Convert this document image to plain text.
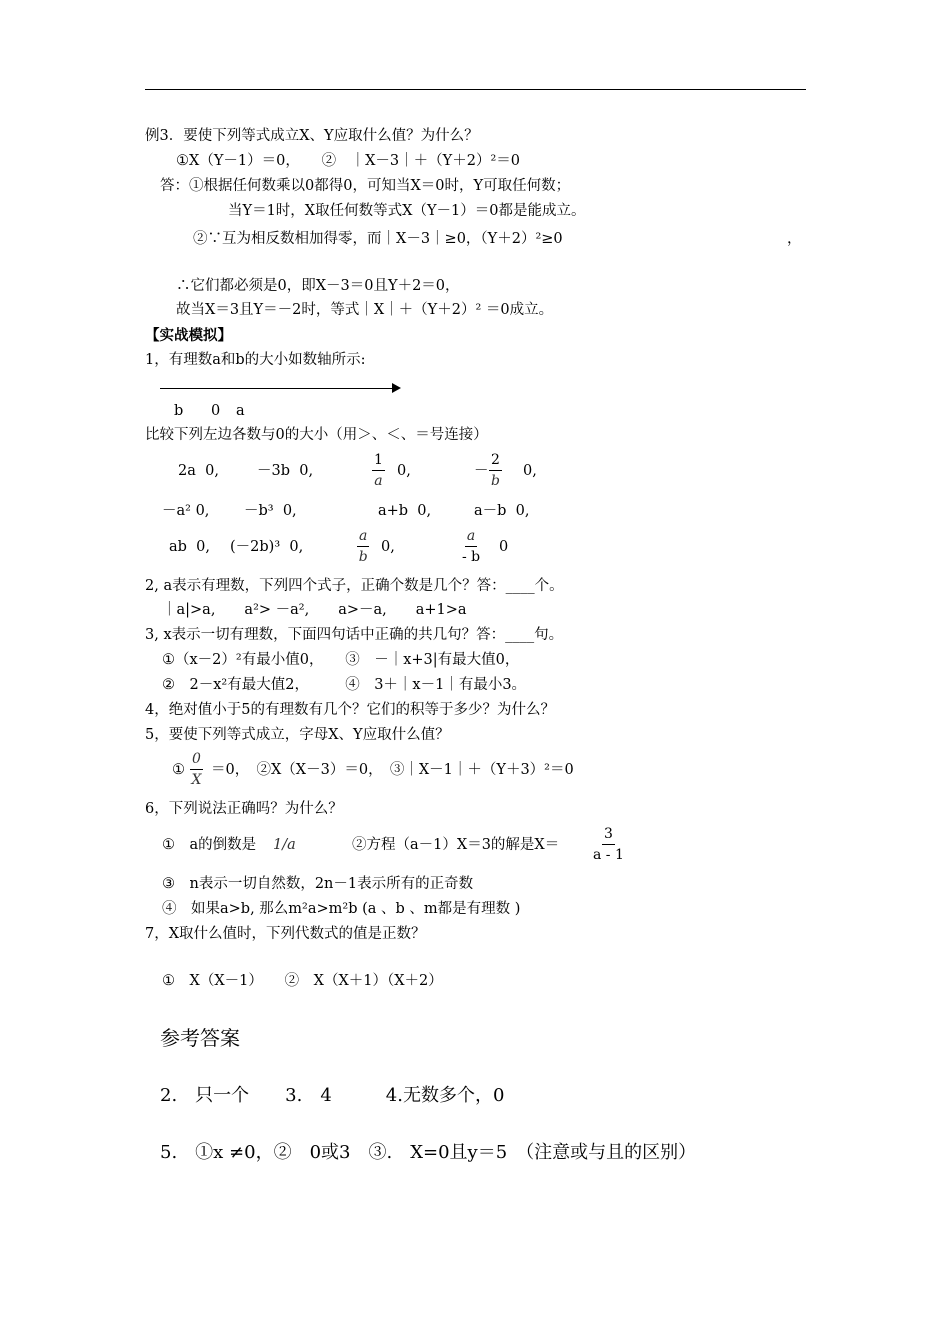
例3．要使下列等式成立X、Y应取什么值？为什么？
①X（Y－1）＝0，　　②　｜X－3｜＋（Y＋2）²＝0
答：①根据任何数乘以0都得0，可知当X＝0时，Y可取任何数；
当Y＝1时，X取任何数等式X（Y－1）＝0都是能成立。
②∵互为相反数相加得零，而｜X－3｜≥0，（Y＋2）²≥0	，
∴它们都必须是0，即X－3＝0且Y＋2＝0，
故当X＝3且Y＝－2时，等式｜X｜＋（Y＋2）² ＝0成立。
【实战模拟】
1，有理数a和b的大小如数轴所示:
b 0 a
比较下列左边各数与0的大小（用＞、＜、＝号连接）
2a  0,	－3b  0,	$\frac{1}{a} 0$,	－ $\frac{2}{b} 0$,
－a² 0, －b³  0,	a+b  0,	a－b  0,
ab  0, (－2b)³  0,	$\frac{a}{b} 0$,	$\frac{a}{- b} 0$
2, a表示有理数，下列四个式子，正确个数是几个？答：____个。
｜a|>a,　　a²> －a²,　　a>－a,　　a+1>a
3, x表示一切有理数，下面四句话中正确的共几句？答：____句。
①（x－2）²有最小值0，　　③　－｜x+3|有最大值0，
②　2－x²有最大值2，　　　④　3＋｜x－1｜有最小3。
4，绝对值小于5的有理数有几个？它们的积等于多少？为什么？
5，要使下列等式成立，字母X、Y应取什么值？
① $\frac{0}{X} =0$，　②X（X－3）＝0，　③｜X－1｜＋（Y＋3）²＝0
6，下列说法正确吗？为什么？
①　a的倒数是 1/a	②方程（a－1）X＝3的解是$X= \frac{3}{a - 1}$
③　n表示一切自然数，2n－1表示所有的正奇数
④　如果a>b, 那么m²a>m²b (a 、b 、m都是有理数 )
7，X取什么值时，下列代数式的值是正数？
①　X（X－1）　　②　X（X＋1）（X＋2）
参考答案
2.　只一个　　3.　4　　　4.无数多个，0
5.　①x ≠0，②　0或3　③.　X=0且y＝5　（注意或与且的区别）
